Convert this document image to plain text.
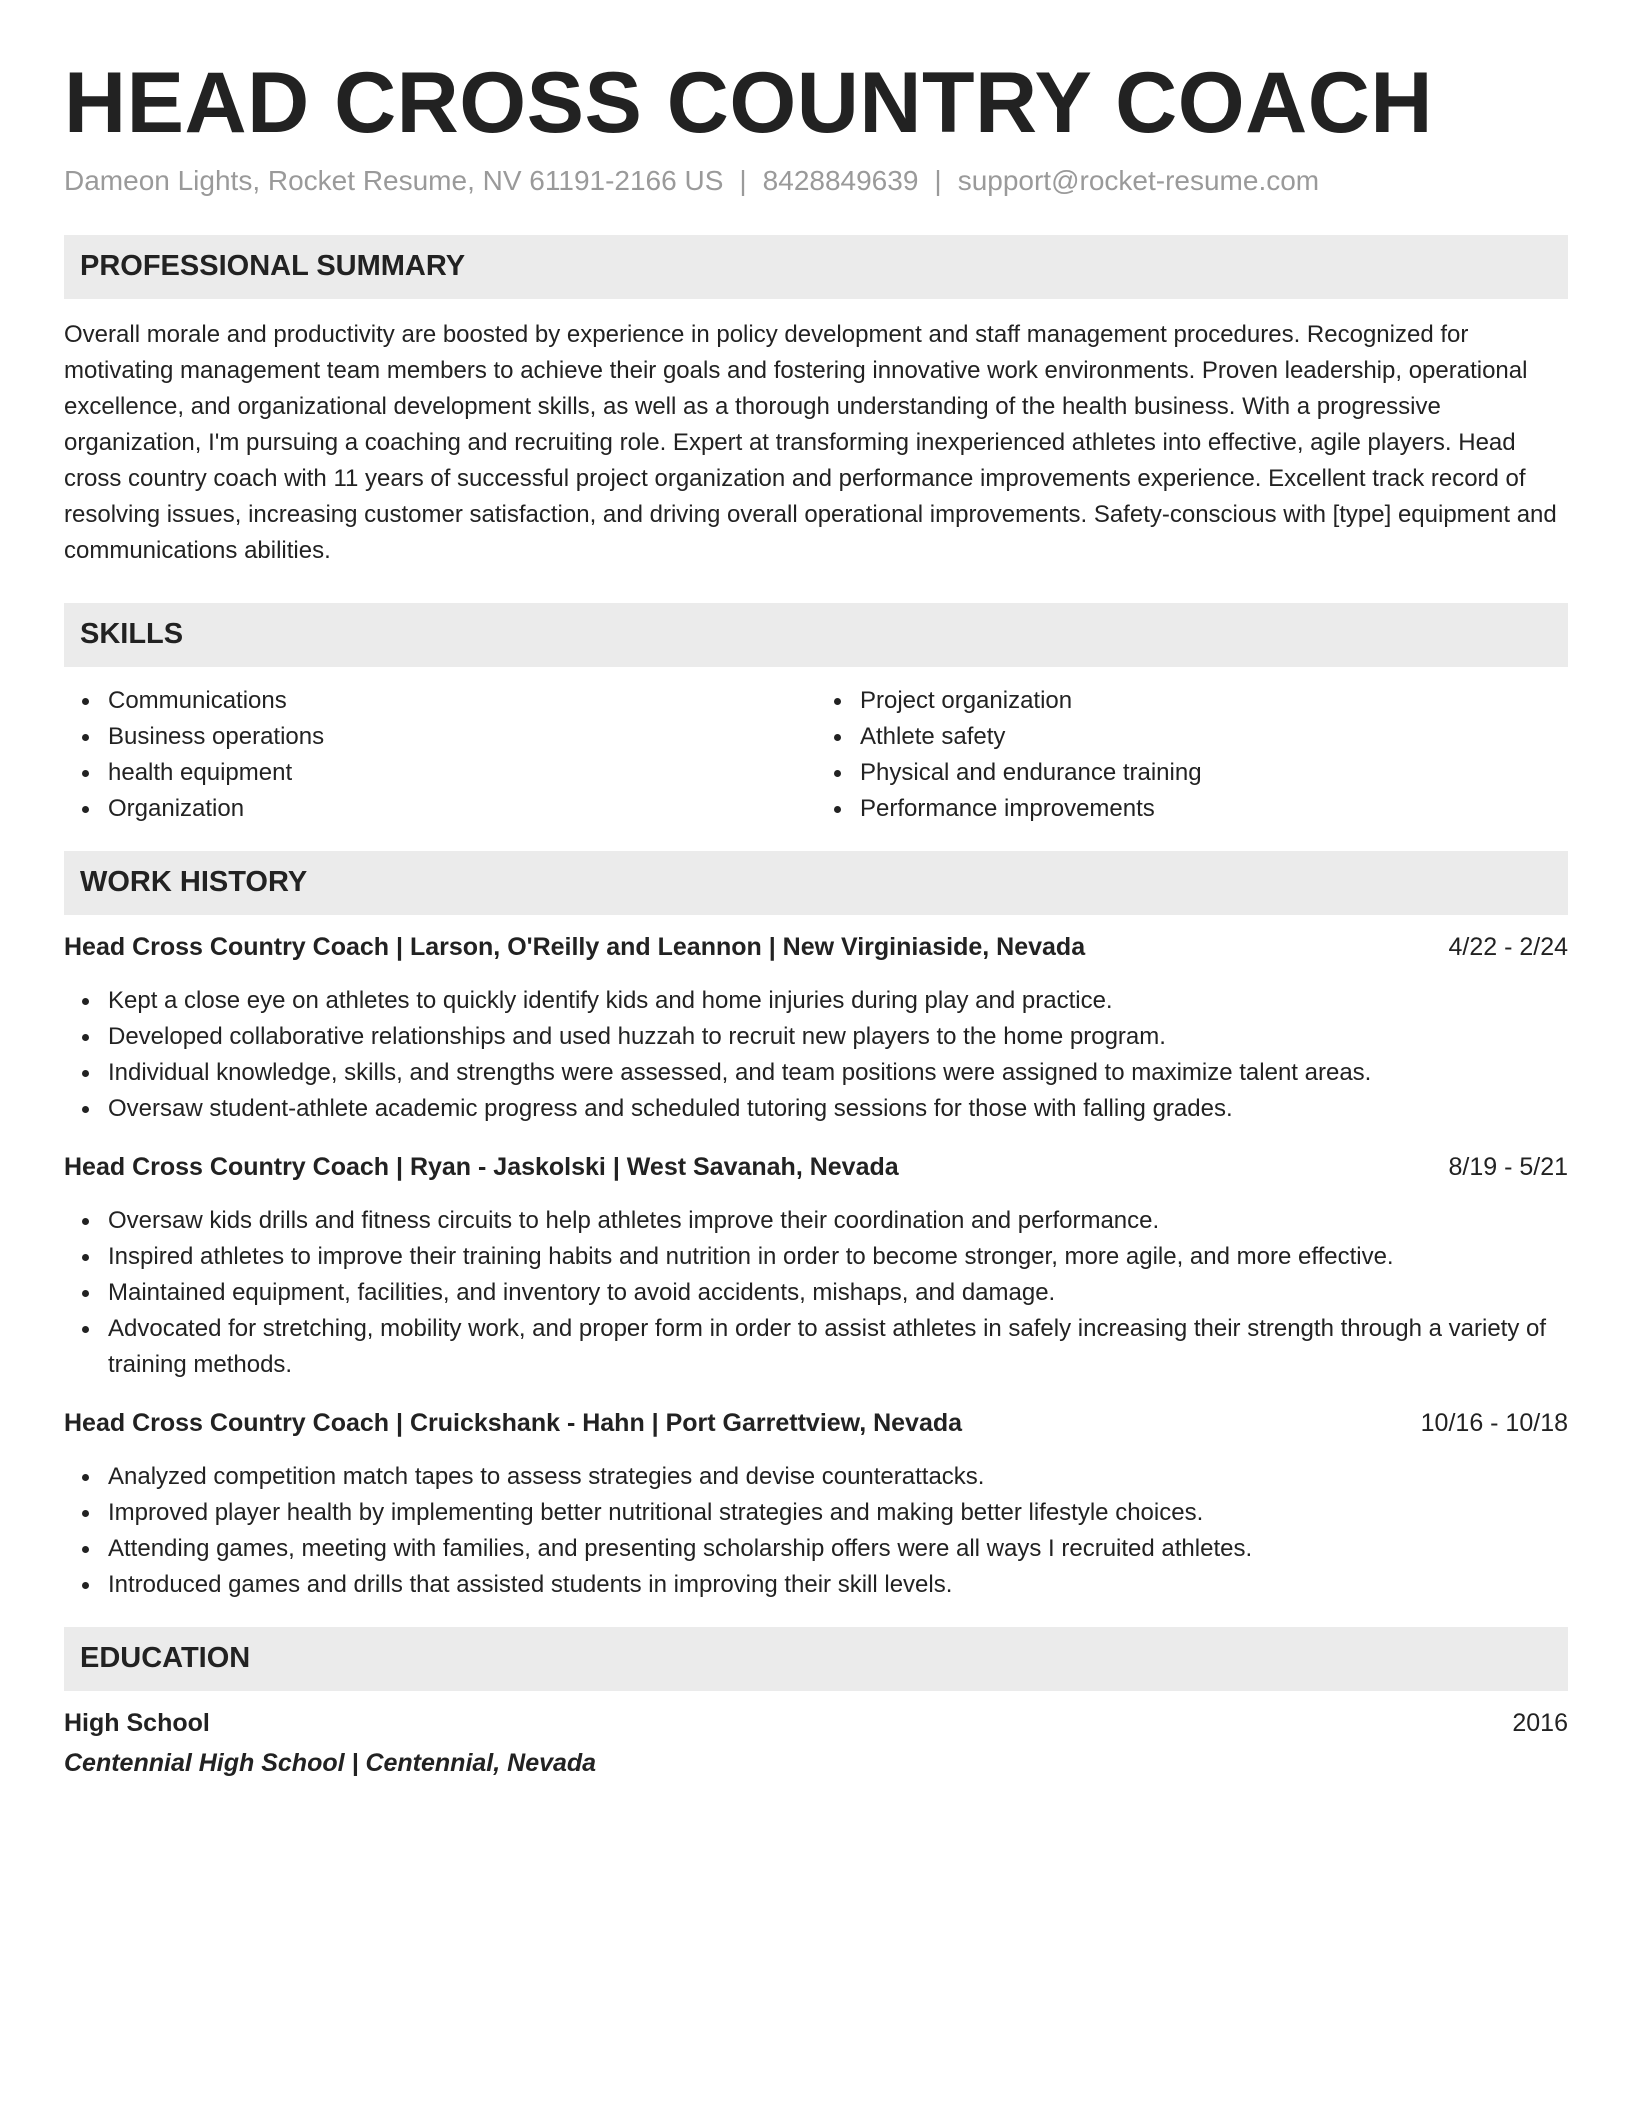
HEAD CROSS COUNTRY COACH
Dameon Lights, Rocket Resume, NV 61191-2166 US | 8428849639 | support@rocket-resume.com
PROFESSIONAL SUMMARY

Overall morale and productivity are boosted by experience in policy development and staff management procedures. Recognized for motivating management team members to achieve their goals and fostering innovative work environments. Proven leadership, operational excellence, and organizational development skills, as well as a thorough understanding of the health business. With a progressive organization, I'm pursuing a coaching and recruiting role. Expert at transforming inexperienced athletes into effective, agile players. Head cross country coach with 11 years of successful project organization and performance improvements experience. Excellent track record of resolving issues, increasing customer satisfaction, and driving overall operational improvements. Safety-conscious with [type] equipment and communications abilities.

SKILLS
Communications
Business operations
health equipment
Organization
Project organization
Athlete safety
Physical and endurance training
Performance improvements
WORK HISTORY
Head Cross Country Coach | Larson, O'Reilly and Leannon | New Virginiaside, Nevada	4/22 - 2/24
Kept a close eye on athletes to quickly identify kids and home injuries during play and practice.
Developed collaborative relationships and used huzzah to recruit new players to the home program.
Individual knowledge, skills, and strengths were assessed, and team positions were assigned to maximize talent areas.
Oversaw student-athlete academic progress and scheduled tutoring sessions for those with falling grades.
Head Cross Country Coach | Ryan - Jaskolski | West Savanah, Nevada	8/19 - 5/21
Oversaw kids drills and fitness circuits to help athletes improve their coordination and performance.
Inspired athletes to improve their training habits and nutrition in order to become stronger, more agile, and more effective.
Maintained equipment, facilities, and inventory to avoid accidents, mishaps, and damage.
Advocated for stretching, mobility work, and proper form in order to assist athletes in safely increasing their strength through a variety of training methods.
Head Cross Country Coach | Cruickshank - Hahn | Port Garrettview, Nevada	10/16 - 10/18
Analyzed competition match tapes to assess strategies and devise counterattacks.
Improved player health by implementing better nutritional strategies and making better lifestyle choices.
Attending games, meeting with families, and presenting scholarship offers were all ways I recruited athletes.
Introduced games and drills that assisted students in improving their skill levels.
EDUCATION
High School	2016
Centennial High School | Centennial, Nevada
